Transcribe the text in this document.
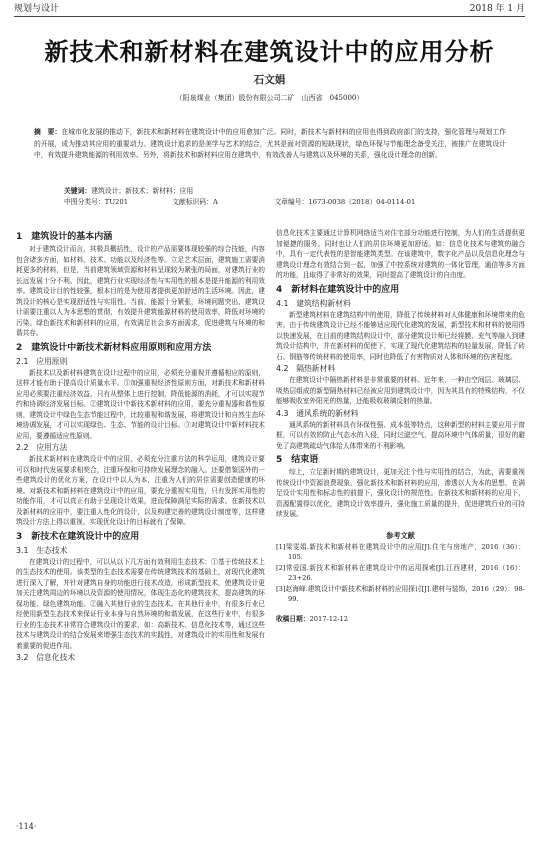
规划与设计	2018 年 1 月
新技术和新材料在建筑设计中的应用分析
石文娟
（阳泉煤业（集团）股份有限公司二矿　山西省　045000）
摘　要：在城市化发展的推动下，新技术和新材料在建筑设计中的应用愈加广泛。同时，新技术与新材料的应用也得到政府部门的支持，强化管理与规划工作的开展，成为推动其应用的重要动力。建筑设计追求的是美学与艺术的结合，尤其是面对资源的短缺现状，绿色环保与节能理念备受关注，被推广在建筑设计中，有效提升建筑能源的利用效率。另外，将新技术和新材料应用在建筑中，有效改善人与建筑以及环境的关系，强化设计理念的创新。
关键词：建筑设计；新技术；新材料；应用
中图分类号：TU201	文献标识码：A	文章编号：1673-0038（2018）04-0114-01
1　建筑设计的基本内涵
对于建筑设计而言，其极具概括性，设计的产品需要体现较强的综合技能，内容包含诸多方面，如材料、技术、功能以及经济性等。立足艺术层面，建筑施工需要消耗更多的材料，但是，当前建筑领域资源和材料呈现较为紧张的局面，对建筑行业的长远发展十分不利。因此，建筑行业实现经济性与实用性的根本是提升能源的利用效率。建筑设计目的性较强，根本目的是为使用者提供更加舒适的生活环境。因此，建筑设计的核心是实现舒适性与实用性。当前，能源十分紧张，环境问题突出，建筑设计需要注重以人为本思想的贯彻，有效提升建筑能源材料的使用效率，降低对环境的污染。绿色新技术和新材料的应用，有效满足社会多方面需求，促进建筑与环境的和谐共存。
2　建筑设计中新技术新材料应用原则和应用方法
2.1　应用原则
新技术以及新材料建筑在设计过程中的应用，必须充分重视并遵循相应的原则，这样才能有助于提高设计质量水平。①加强重视经济性原则方面，对新技术和新材料应用必须要注重经济效益，只有从整体上进行控制，降低能源的消耗，才可以实现节约和协调经济发展目标。②建筑设计中新技术新材料的应用，要充分重视器和谐性原则，建筑设计中绿色生态节能过程中，比较重视和谐发展，将建筑设计和自然生态环境协调发展，才可以实现绿色、生态、节能的设计目标。③对建筑设计中新材料技术应用，要遵循适应性原则。
2.2　应用方法
新技术新材料在建筑设计中的应用，必须充分注重方法的科学运用，建筑设计要可以和时代发展要求相契合，注重环保和可持续发展理念的融入。还要借鉴国外的一些建筑设计的优化方案，在设计中以人为本，注重为人们的居住需要创造健康的环境。对新技术和新材料在建筑设计中的应用，要充分重视实用性，只有发挥实用性的功能作用，才可以真正有助于呈现设计效果，进而保障满足实际的需求。在新技术以及新材料的应用中，要注重人性化的设计，以及构建完善的建筑设计制度等，这样建筑设计方法上得以重视，实现优化设计的目标就有了保障。
3　新技术在建筑设计中的应用
3.1　生态技术
在建筑设计的过程中，可以从以下几方面有效利用生态技术：①基于传统技术上的生态技术的使用。该类型的生态技术需要在传统建筑技术的基础上，对现代化建筑进行深入了解，并针对建筑自身的功能进行技术改造，形成新型技术，使建筑设计更加关注建筑周边的环境以及资源的使用情况，体现生态化的建筑技术，提高建筑的环保功能、绿色建筑功能。②融入其他行业的生态技术。在其他行业中，有很多行业已经使用新型生态技术来保证行业本身与自然环境的和谐发展，在这些行业中，有很多行业的生态技术非常符合建筑设计的要求，如：高新技术、信息化技术等，通过这些技术与建筑设计的结合发展来增强生态技术的实践性，对建筑设计的实用性和发展有着重要的促进作用。
3.2　信息化技术
信息化技术主要通过计算机网络适当对住宅部分功能进行控制，为人们的生活提供更加便捷的服务。同时也让人们的居住环境更加舒适。如：信息化技术与建筑的融合中，具有一定代表性的是智能建筑类型。在该建筑中，数字化产品以及信息化理念与建筑设计理念有效结合到一起，加强了中控系统对建筑的一体化管理，通信等多方面的功能，且取得了非常好的效果，同时提高了建筑设计的自由度。
4　新材料在建筑设计中的应用
4.1　建筑结构新材料
新型建筑材料在建筑结构中的使用，降低了传统材料对人体健康和环境带来的危害。由于传统建筑设计已经不能够适应现代化建筑的发展，新型技术和材料的使用得以快速发展，在目前的建筑结构设计中，部分建筑设计师已经将膜、充气等融入到建筑设计结构中，并在新材料的促使下，实现了现代化建筑结构的轻量发展，降低了砖石、钢筋等传统材料的使用率，同时也降低了有害物质对人体和环境的伤害程度。
4.2　隔热新材料
在建筑设计中隔热新材料是非常重要的材料。近年来，一种由空间层、玻璃层、吸热层组成的新型隔热材料已经被应用到建筑设计中，因为其具有的特殊结构，不仅能够吸收室外阳光的热量，还能吸收玻璃反射的热量。
4.3　通风系统的新材料
通风系统的新材料具有环保性强、成本低等特点，这种新型的材料主要应用于窗框，可以有效的防止气态水的入侵，同时过滤空气，提高环境中气体质量，很好的避免了高建筑疏动气体给人体带来的不利影响。
5　结束语
综上，立足新时期的建筑设计，更加关注个性与实用性的结合，为此，需要重视传统设计中资源浪费现象，强化新技术和新材料的应用，渗透以人为本的思想，在满足设计实用性和标志性的前提下，强化设计的规范性。在新技术和新材料的应用下，资源配置得以优化，建筑设计效率提升，强化施工质量的提升，促进建筑行业的可持续发展。
参考文献
[1]梁雯娟.新技术和新材料在建筑设计中的应用[J].住宅与房地产，2016（36）：105.
[2]常爱国.新技术和新材料在建筑设计中的运用探索[J].江西建材，2016（16）：23+26.
[3]赵海峰.建筑设计中新技术和新材料的应用探讨[J].建材与装饰，2016（29）：98-99.
收稿日期：2017-12-12
·114·
